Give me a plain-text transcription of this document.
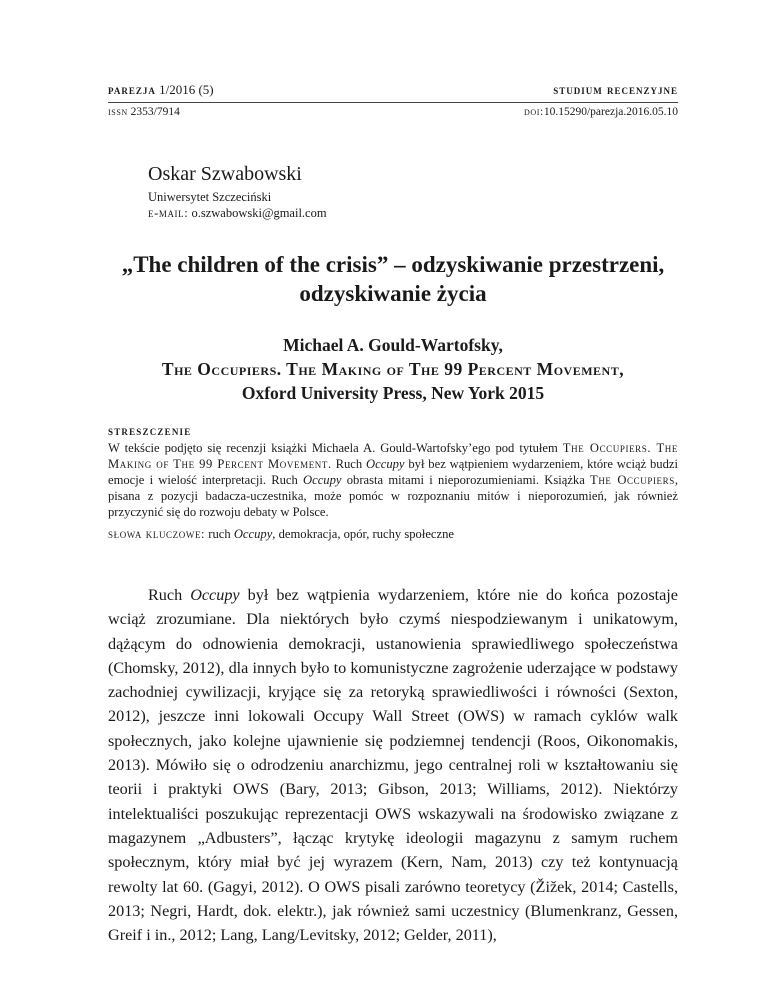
parezja 1/2016 (5)	studium recenzyjne
issn 2353/7914	doi:10.15290/parezja.2016.05.10
Oskar Szwabowski
Uniwersytet Szczeciński
e-mail: o.szwabowski@gmail.com
„The children of the crisis” – odzyskiwanie przestrzeni,
odzyskiwanie życia
Michael A. Gould-Wartofsky,
The Occupiers. The Making of The 99 Percent Movement,
Oxford University Press, New York 2015
streszczenie
W tekście podjęto się recenzji książki Michaela A. Gould-Wartofsky’ego pod tytułem The Occupiers. The Making of The 99 Percent Movement. Ruch Occupy był bez wątpieniem wydarzeniem, które wciąż budzi emocje i wielość interpretacji. Ruch Occupy obrasta mitami i nieporozumieniami. Książka The Occupiers, pisana z pozycji badacza-uczestnika, może pomóc w rozpoznaniu mitów i nieporozumień, jak również przyczynić się do rozwoju debaty w Polsce.
słowa kluczowe: ruch Occupy, demokracja, opór, ruchy społeczne

Ruch Occupy był bez wątpienia wydarzeniem, które nie do końca pozostaje wciąż zrozumiane. Dla niektórych było czymś niespodziewanym i unikatowym, dążącym do odnowienia demokracji, ustanowienia sprawiedliwego społeczeństwa (Chomsky, 2012), dla innych było to komunistyczne zagrożenie uderzające w podstawy zachodniej cywilizacji, kryjące się za retoryką sprawiedliwości i równości (Sexton, 2012), jeszcze inni lokowali Occupy Wall Street (OWS) w ramach cyklów walk społecznych, jako kolejne ujawnienie się podziemnej tendencji (Roos, Oikonomakis, 2013). Mówiło się o odrodzeniu anarchizmu, jego centralnej roli w kształtowaniu się teorii i praktyki OWS (Bary, 2013; Gibson, 2013; Williams, 2012). Niektórzy intelektualiści poszukując reprezentacji OWS wskazywali na środowisko związane z magazynem „Adbusters”, łącząc krytykę ideologii magazynu z samym ruchem społecznym, który miał być jej wyrazem (Kern, Nam, 2013) czy też kontynuacją rewolty lat 60. (Gagyi, 2012). O OWS pisali zarówno teoretycy (Žižek, 2014; Castells, 2013; Negri, Hardt, dok. elektr.), jak również sami uczestnicy (Blumenkranz, Gessen, Greif i in., 2012; Lang, Lang/Levitsky, 2012; Gelder, 2011),
